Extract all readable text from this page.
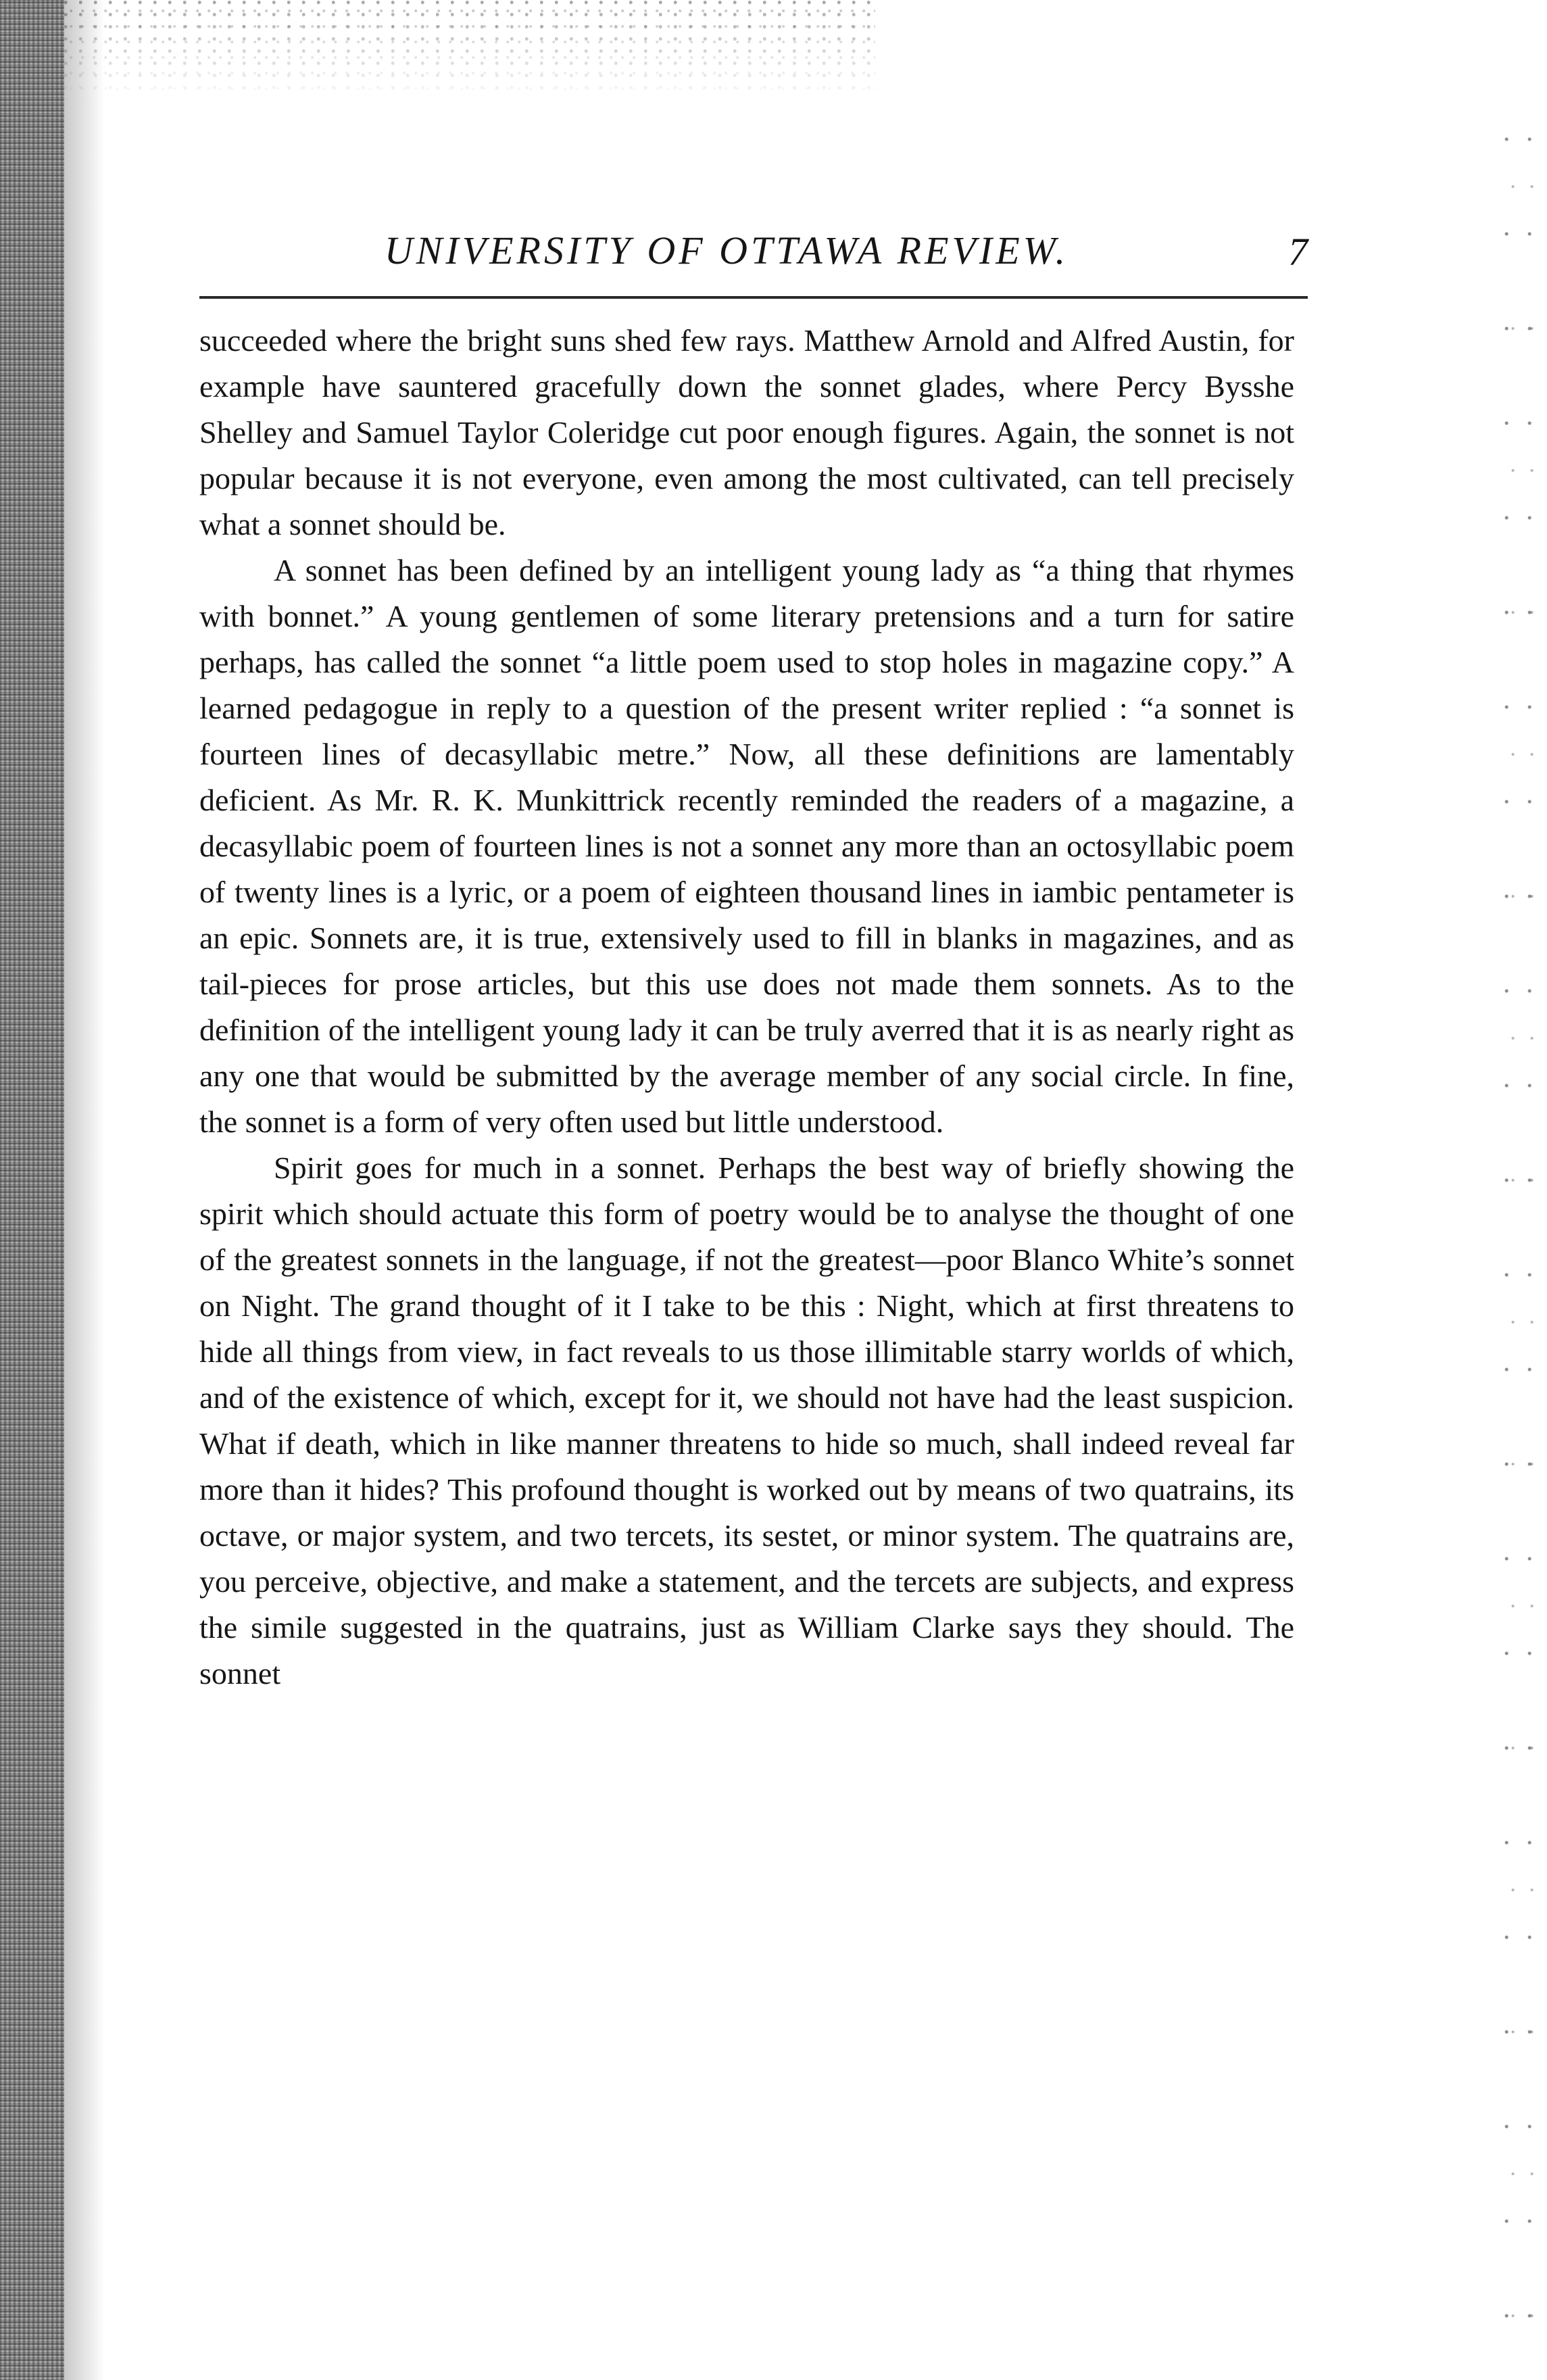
UNIVERSITY OF OTTAWA REVIEW.	7

succeeded where the bright suns shed few rays. Matthew Arnold and Alfred Austin, for example have sauntered gracefully down the sonnet glades, where Percy Bysshe Shelley and Samuel Taylor Coleridge cut poor enough figures. Again, the sonnet is not popular because it is not everyone, even among the most cultivated, can tell precisely what a sonnet should be.

A sonnet has been defined by an intelligent young lady as “a thing that rhymes with bonnet.” A young gentlemen of some literary pretensions and a turn for satire perhaps, has called the sonnet “a little poem used to stop holes in magazine copy.” A learned pedagogue in reply to a question of the present writer replied : “a sonnet is fourteen lines of decasyllabic metre.” Now, all these definitions are lamentably deficient. As Mr. R. K. Munkittrick recently reminded the readers of a magazine, a decasyllabic poem of fourteen lines is not a sonnet any more than an octosyllabic poem of twenty lines is a lyric, or a poem of eighteen thousand lines in iambic pentameter is an epic. Sonnets are, it is true, extensively used to fill in blanks in magazines, and as tail-pieces for prose articles, but this use does not made them sonnets. As to the definition of the intelligent young lady it can be truly averred that it is as nearly right as any one that would be submitted by the average member of any social circle. In fine, the sonnet is a form of very often used but little understood.

Spirit goes for much in a sonnet. Perhaps the best way of briefly showing the spirit which should actuate this form of poetry would be to analyse the thought of one of the greatest sonnets in the language, if not the greatest—poor Blanco White’s sonnet on Night. The grand thought of it I take to be this : Night, which at first threatens to hide all things from view, in fact reveals to us those illimitable starry worlds of which, and of the existence of which, except for it, we should not have had the least suspicion. What if death, which in like manner threatens to hide so much, shall indeed reveal far more than it hides? This profound thought is worked out by means of two quatrains, its octave, or major system, and two tercets, its sestet, or minor system. The quatrains are, you perceive, objective, and make a statement, and the tercets are subjects, and express the simile suggested in the quatrains, just as William Clarke says they should. The sonnet
